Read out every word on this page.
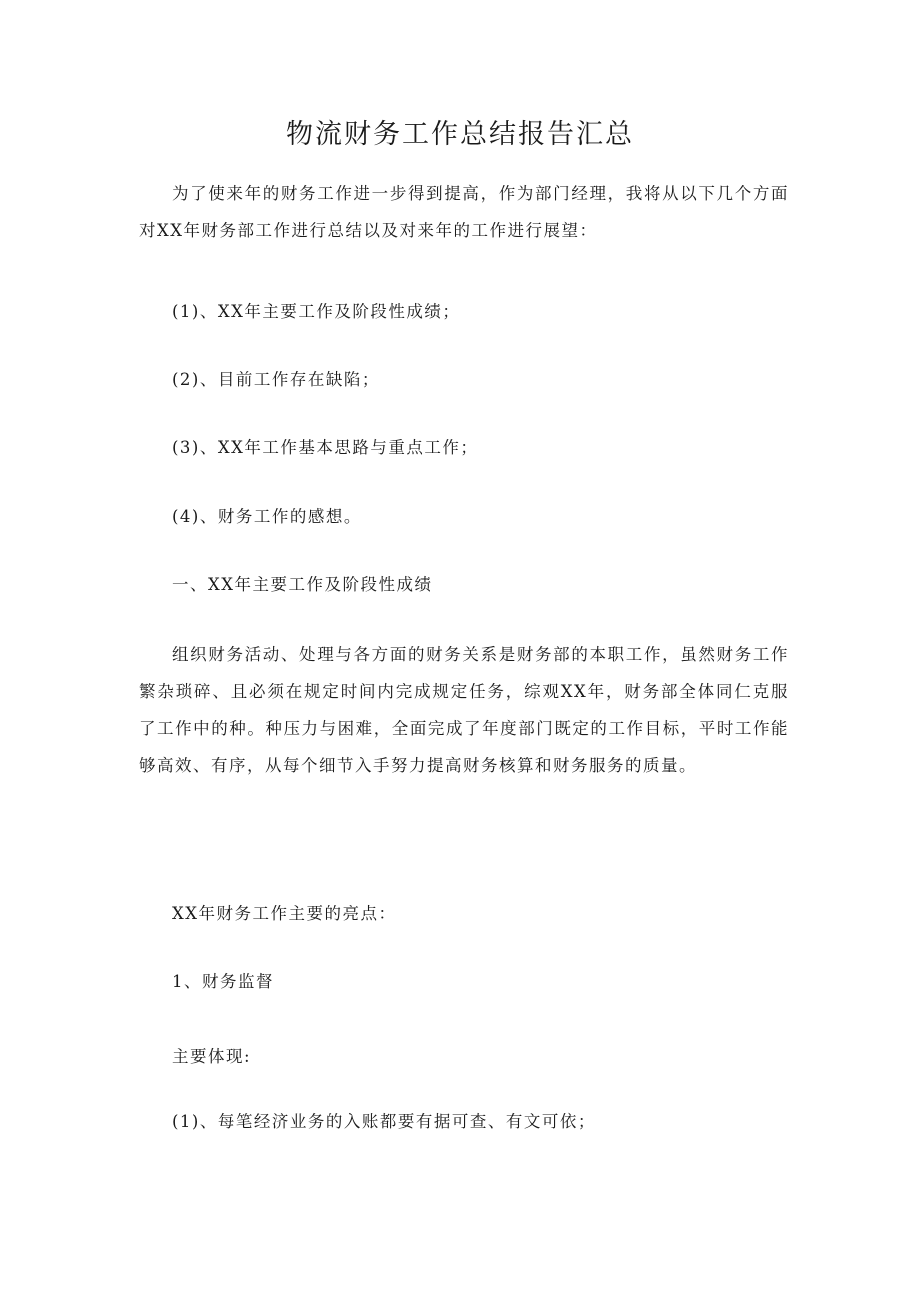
物流财务工作总结报告汇总
为了使来年的财务工作进一步得到提高，作为部门经理，我将从以下几个方面对XX年财务部工作进行总结以及对来年的工作进行展望：
(1)、XX年主要工作及阶段性成绩；
(2)、目前工作存在缺陷；
(3)、XX年工作基本思路与重点工作；
(4)、财务工作的感想。
一、XX年主要工作及阶段性成绩
组织财务活动、处理与各方面的财务关系是财务部的本职工作，虽然财务工作繁杂琐碎、且必须在规定时间内完成规定任务，综观XX年，财务部全体同仁克服了工作中的种。种压力与困难，全面完成了年度部门既定的工作目标，平时工作能够高效、有序，从每个细节入手努力提高财务核算和财务服务的质量。
XX年财务工作主要的亮点：
1、财务监督
主要体现:
(1)、每笔经济业务的入账都要有据可查、有文可依；
